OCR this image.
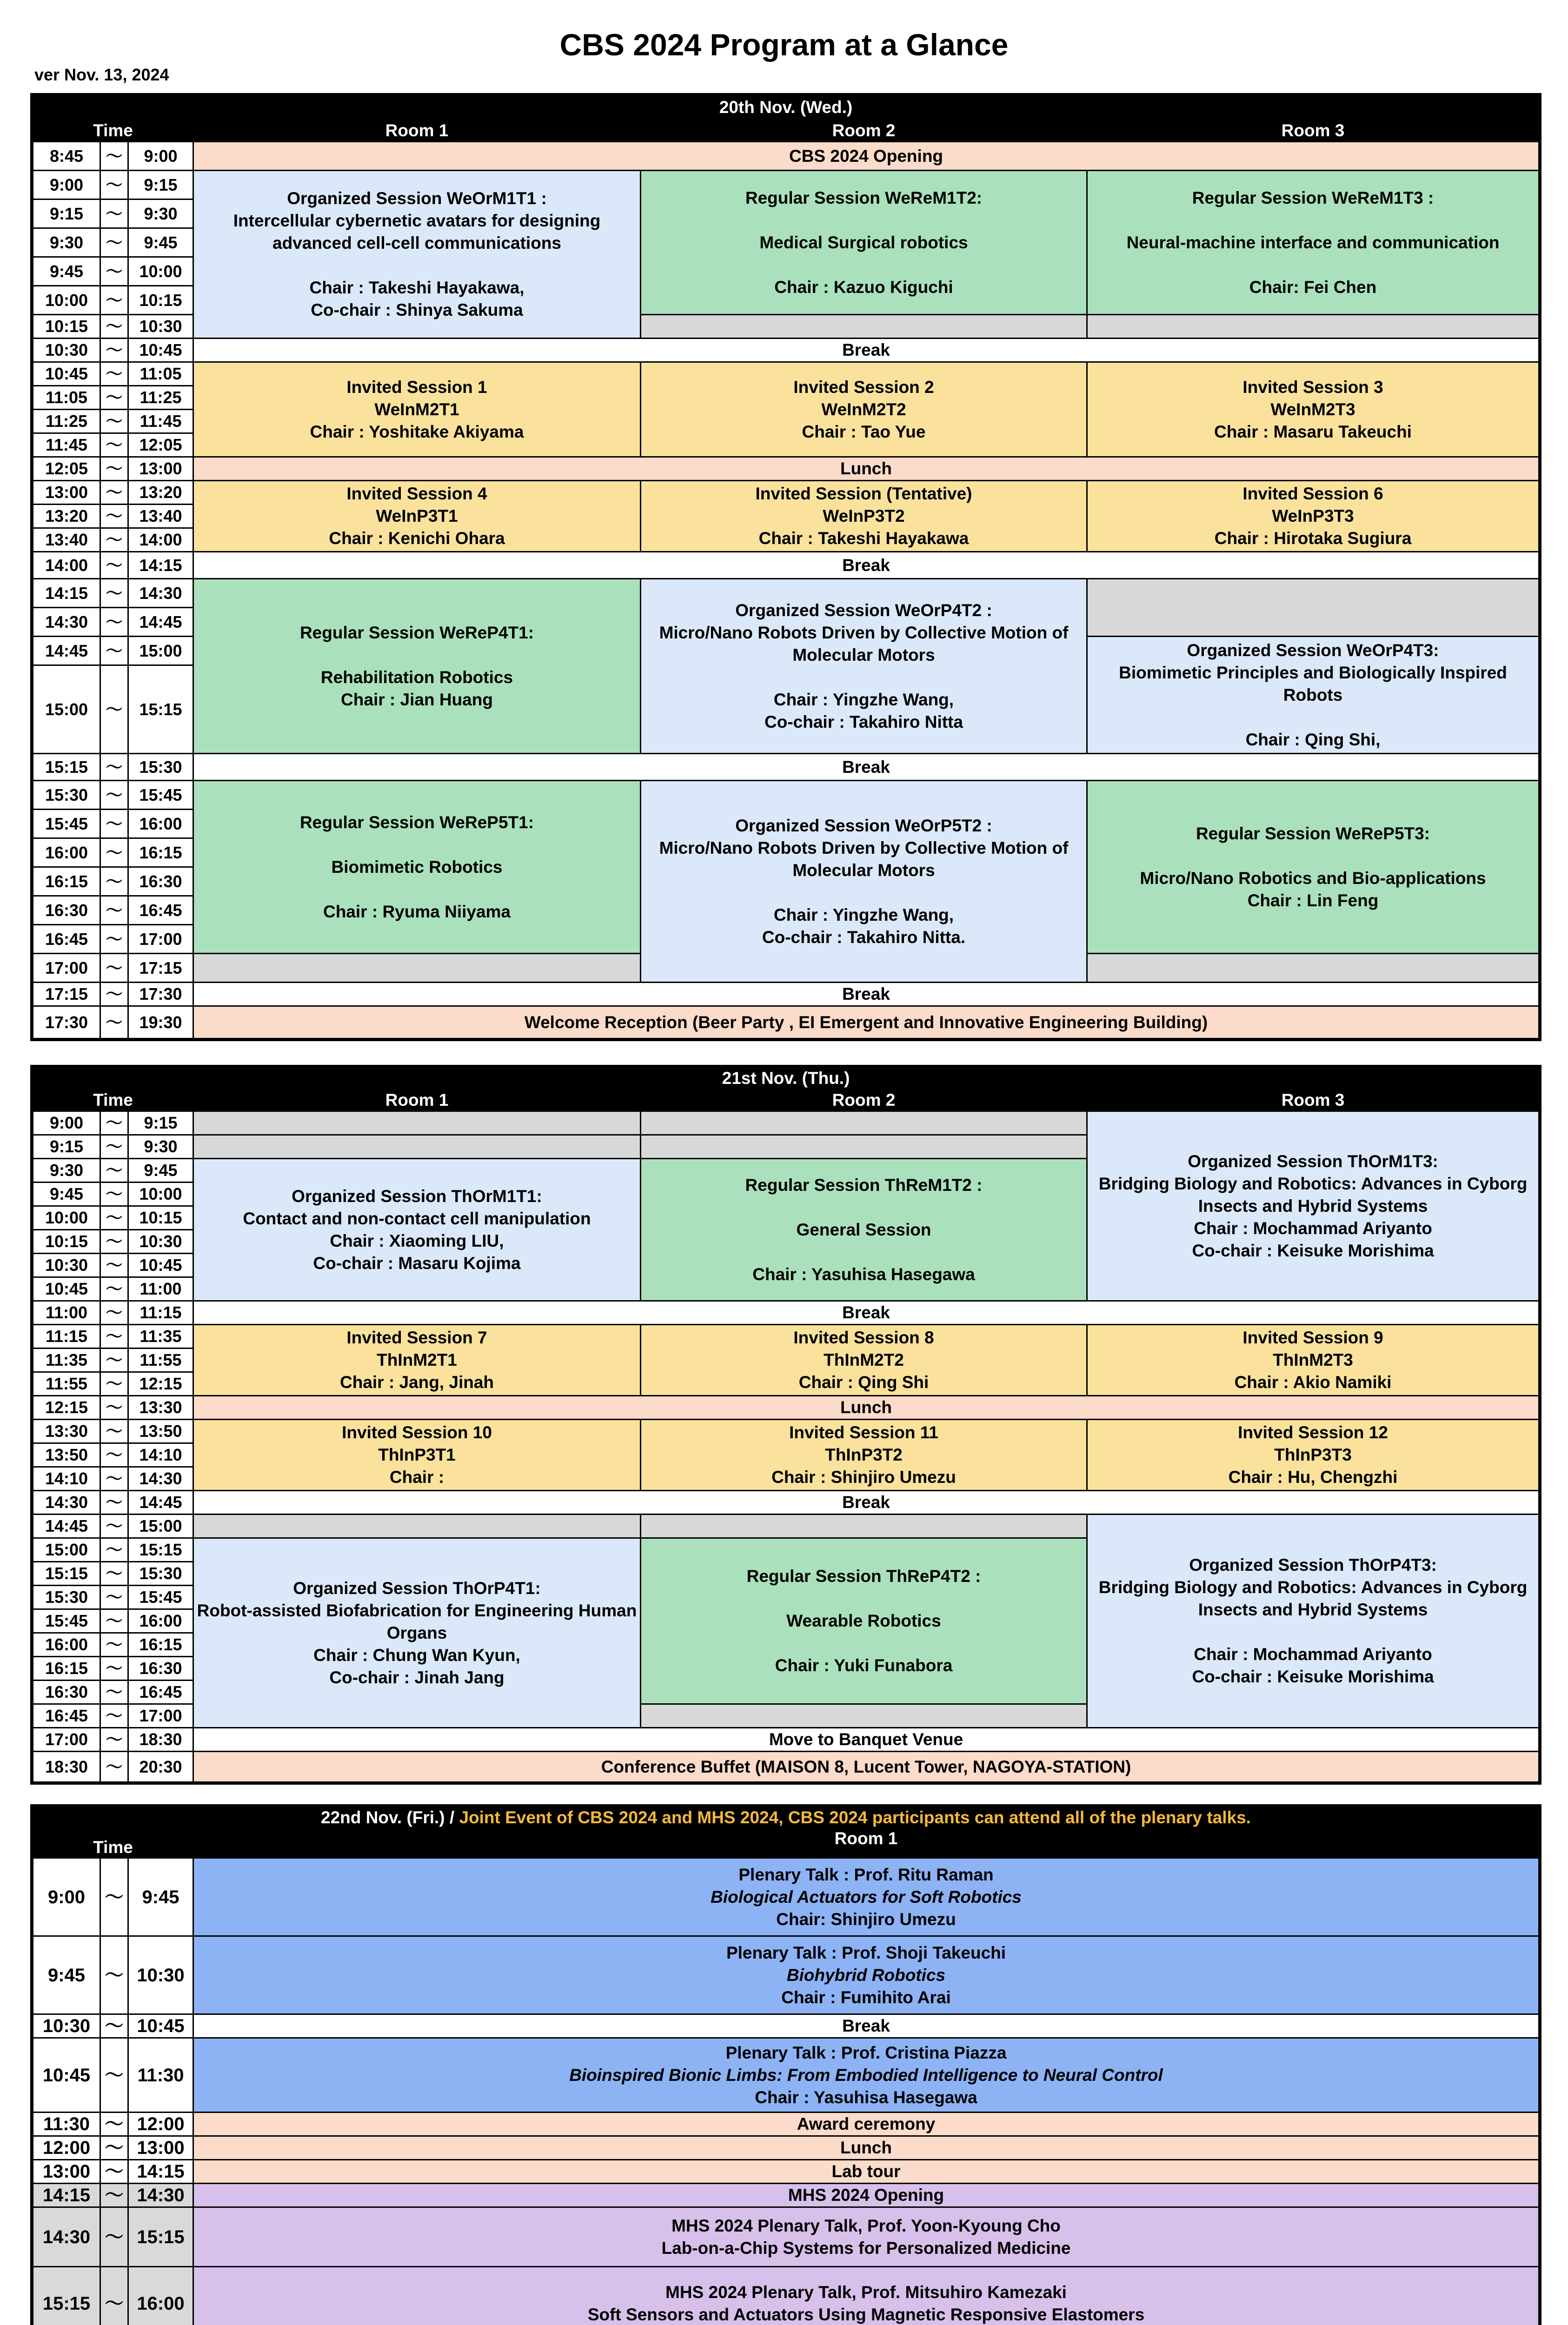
CBS 2024 Program at a Glance
ver Nov. 13, 2024
20th Nov. (Wed.)					
Time			Room 1	Room 2	Room 3
8:45	〜	9:00	CBS 2024 Opening		
9:00	〜	9:15	Organized Session WeOrM1T1 :
Intercellular cybernetic avatars for designing advanced cell-cell communications

Chair : Takeshi Hayakawa,
Co-chair : Shinya Sakuma	Regular Session WeReM1T2:

Medical Surgical robotics

Chair : Kazuo Kiguchi	Regular Session WeReM1T3 :

Neural-machine interface and communication

Chair: Fei Chen
9:15	〜	9:30			
9:30	〜	9:45			
9:45	〜	10:00			
10:00	〜	10:15			
10:15	〜	10:30			
10:30	〜	10:45	Break		
10:45	〜	11:05	Invited Session 1
WeInM2T1
Chair : Yoshitake Akiyama	Invited Session 2
WeInM2T2
Chair : Tao Yue	Invited Session 3
WeInM2T3
Chair : Masaru Takeuchi
11:05	〜	11:25			
11:25	〜	11:45			
11:45	〜	12:05			
12:05	〜	13:00	Lunch		
13:00	〜	13:20	Invited Session 4
WeInP3T1
Chair : Kenichi Ohara	Invited Session (Tentative)
WeInP3T2
Chair : Takeshi Hayakawa	Invited Session 6
WeInP3T3
Chair : Hirotaka Sugiura
13:20	〜	13:40			
13:40	〜	14:00			
14:00	〜	14:15	Break		
14:15	〜	14:30	Regular Session WeReP4T1:

Rehabilitation Robotics
Chair : Jian Huang	Organized Session WeOrP4T2 :
Micro/Nano Robots Driven by Collective Motion of Molecular Motors

Chair : Yingzhe Wang,
Co-chair : Takahiro Nitta	
14:30	〜	14:45			
14:45	〜	15:00			Organized Session WeOrP4T3:
Biomimetic Principles and Biologically Inspired Robots

Chair : Qing Shi,
15:00	〜	15:15			
15:15	〜	15:30	Break		
15:30	〜	15:45	Regular Session WeReP5T1:

Biomimetic Robotics

Chair : Ryuma Niiyama	Organized Session WeOrP5T2 :
Micro/Nano Robots Driven by Collective Motion of Molecular Motors

Chair : Yingzhe Wang,
Co-chair : Takahiro Nitta.	Regular Session WeReP5T3:

Micro/Nano Robotics and Bio-applications
Chair : Lin Feng
15:45	〜	16:00			
16:00	〜	16:15			
16:15	〜	16:30			
16:30	〜	16:45			
16:45	〜	17:00			
17:00	〜	17:15			
17:15	〜	17:30	Break		
17:30	〜	19:30	Welcome Reception (Beer Party , EI Emergent and Innovative Engineering Building)		
21st Nov. (Thu.)					
Time			Room 1	Room 2	Room 3
9:00	〜	9:15			Organized Session ThOrM1T3:
Bridging Biology and Robotics: Advances in Cyborg Insects and Hybrid Systems
Chair : Mochammad Ariyanto
Co-chair : Keisuke Morishima
9:15	〜	9:30			
9:30	〜	9:45	Organized Session ThOrM1T1:
Contact and non-contact cell manipulation
Chair : Xiaoming LIU,
Co-chair : Masaru Kojima	Regular Session ThReM1T2 :

General Session

Chair : Yasuhisa Hasegawa	
9:45	〜	10:00			
10:00	〜	10:15			
10:15	〜	10:30			
10:30	〜	10:45			
10:45	〜	11:00			
11:00	〜	11:15	Break		
11:15	〜	11:35	Invited Session 7
ThInM2T1
Chair : Jang, Jinah	Invited Session 8
ThInM2T2
Chair : Qing Shi	Invited Session 9
ThInM2T3
Chair : Akio Namiki
11:35	〜	11:55			
11:55	〜	12:15			
12:15	〜	13:30	Lunch		
13:30	〜	13:50	Invited Session 10
ThInP3T1
Chair :	Invited Session 11
ThInP3T2
Chair : Shinjiro Umezu	Invited Session 12
ThInP3T3
Chair : Hu, Chengzhi
13:50	〜	14:10			
14:10	〜	14:30			
14:30	〜	14:45	Break		
14:45	〜	15:00			Organized Session ThOrP4T3:
Bridging Biology and Robotics: Advances in Cyborg Insects and Hybrid Systems

Chair : Mochammad Ariyanto
Co-chair : Keisuke Morishima
15:00	〜	15:15	Organized Session ThOrP4T1:
Robot-assisted Biofabrication for Engineering Human Organs
Chair : Chung Wan Kyun,
Co-chair : Jinah Jang	Regular Session ThReP4T2 :

Wearable Robotics

Chair : Yuki Funabora	
15:15	〜	15:30			
15:30	〜	15:45			
15:45	〜	16:00			
16:00	〜	16:15			
16:15	〜	16:30			
16:30	〜	16:45			
16:45	〜	17:00			
17:00	〜	18:30	Move to Banquet Venue		
18:30	〜	20:30	Conference Buffet (MAISON 8, Lucent Tower, NAGOYA-STATION)		
22nd Nov. (Fri.) / Joint Event of CBS 2024 and MHS 2024, CBS 2024 participants can attend all of the plenary talks.			
Time			Room 1
9:00	〜	9:45	Plenary Talk : Prof. Ritu Raman
Biological Actuators for Soft Robotics
Chair: Shinjiro Umezu

9:45	〜	10:30	Plenary Talk : Prof. Shoji Takeuchi
Biohybrid Robotics
Chair : Fumihito Arai

10:30	〜	10:45	Break
10:45	〜	11:30	Plenary Talk : Prof. Cristina Piazza
Bioinspired Bionic Limbs: From Embodied Intelligence to Neural Control
Chair : Yasuhisa Hasegawa

11:30	〜	12:00	Award ceremony
12:00	〜	13:00	Lunch
13:00	〜	14:15	Lab tour
14:15	〜	14:30	MHS 2024 Opening
14:30	〜	15:15	MHS 2024 Plenary Talk, Prof. Yoon-Kyoung Cho
Lab-on-a-Chip Systems for Personalized Medicine
15:15	〜	16:00	MHS 2024 Plenary Talk, Prof. Mitsuhiro Kamezaki
Soft Sensors and Actuators Using Magnetic Responsive Elastomers
